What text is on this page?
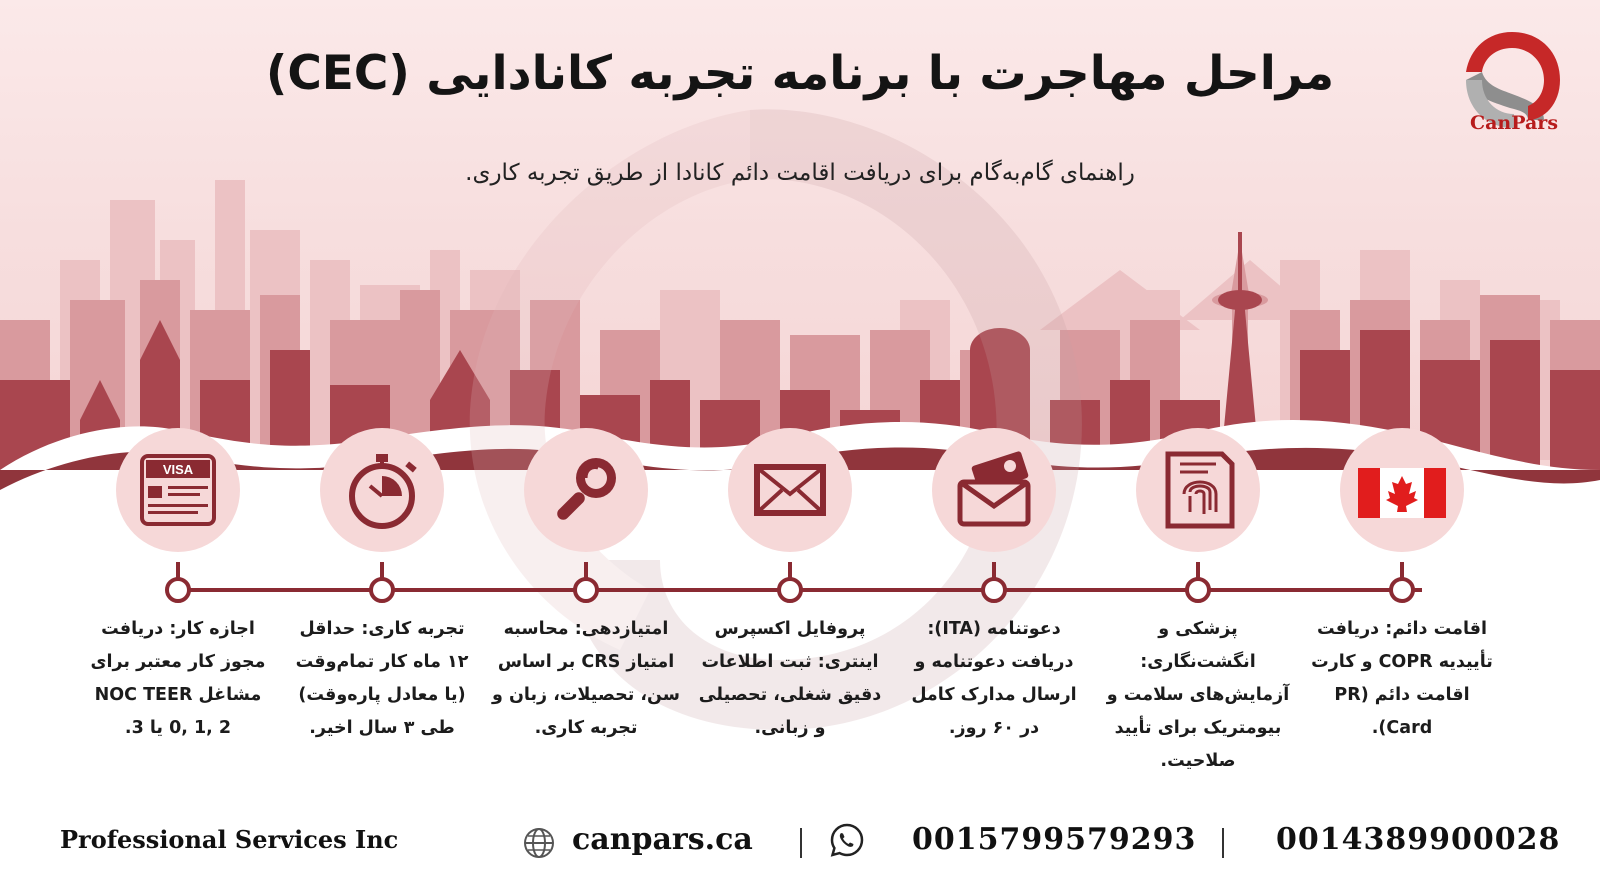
CanPars
مراحل مهاجرت با برنامه تجربه کانادایی (CEC)
راهنمای گام‌به‌گام برای دریافت اقامت دائم کانادا از طریق تجربه کاری.
VISA
اقامت دائم: دریافت تأییدیه COPR و کارت اقامت دائم (PR Card).
پزشکی و انگشت‌نگاری: آزمایش‌های سلامت و بیومتریک برای تأیید صلاحیت.
دعوتنامه (ITA): دریافت دعوتنامه و ارسال مدارک کامل در ۶۰ روز.
پروفایل اکسپرس اینتری: ثبت اطلاعات دقیق شغلی، تحصیلی و زبانی.
امتیازدهی: محاسبه امتیاز CRS بر اساس سن، تحصیلات، زبان و تجربه کاری.
تجربه کاری: حداقل ۱۲ ماه کار تمام‌وقت (یا معادل پاره‌وقت) طی ۳ سال اخیر.
اجازه کار: دریافت مجوز کار معتبر برای مشاغل NOC TEER 0, 1, 2 یا 3.
Professional Services Inc	canpars.ca	0015799579293	0014389900028
